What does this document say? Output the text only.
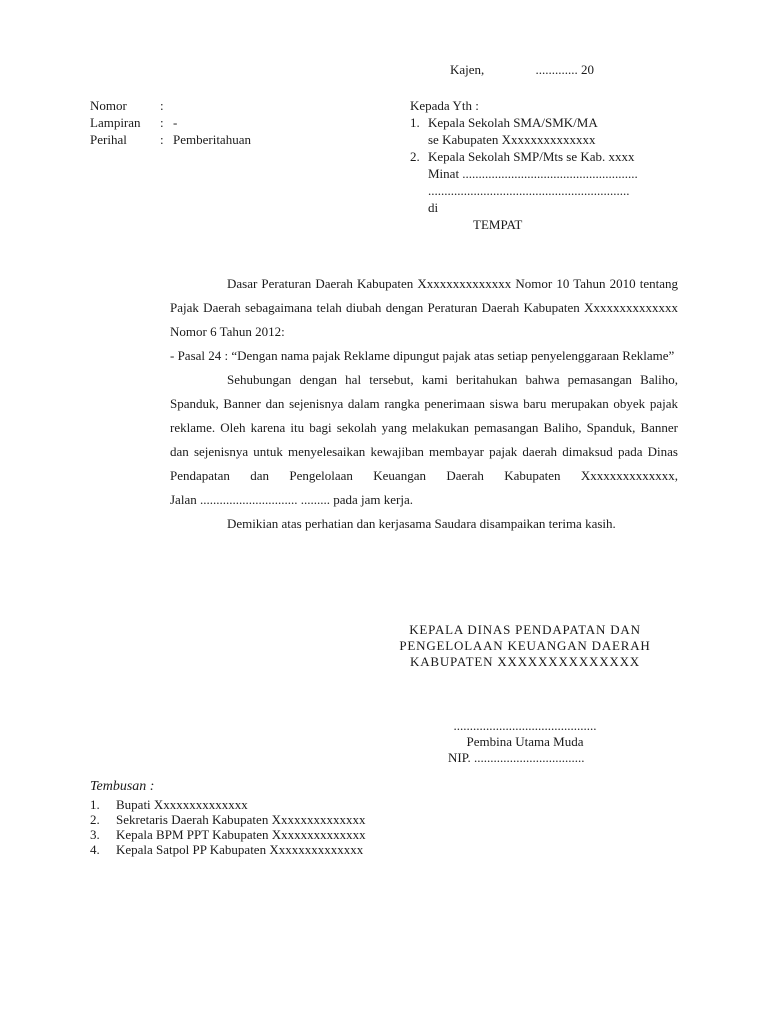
Kajen,	............. 20
Nomor	:
Lampiran : -
Perihal	: Pemberitahuan
Kepada Yth :
1. Kepala Sekolah SMA/SMK/MA
se Kabupaten Xxxxxxxxxxxxxx
2. Kepala Sekolah SMP/Mts se Kab. xxxx
Minat ......................................................
..............................................................
di
TEMPAT

Dasar Peraturan Daerah Kabupaten Xxxxxxxxxxxxxx Nomor 10 Tahun 2010 tentang Pajak Daerah sebagaimana telah diubah dengan Peraturan Daerah Kabupaten Xxxxxxxxxxxxxx Nomor 6 Tahun 2012:

- Pasal 24 : “Dengan nama pajak Reklame dipungut pajak atas setiap penyelenggaraan Reklame”

Sehubungan dengan hal tersebut, kami beritahukan bahwa pemasangan Baliho, Spanduk, Banner dan sejenisnya dalam rangka penerimaan siswa baru merupakan obyek pajak reklame. Oleh karena itu bagi sekolah yang melakukan pemasangan Baliho, Spanduk, Banner dan sejenisnya untuk menyelesaikan kewajiban membayar pajak daerah dimaksud pada Dinas Pendapatan dan Pengelolaan Keuangan Daerah Kabupaten Xxxxxxxxxxxxxx,

Jalan .............................. ......... pada jam kerja.

Demikian atas perhatian dan kerjasama Saudara disampaikan terima kasih.

KEPALA DINAS PENDAPATAN DAN
PENGELOLAAN KEUANGAN DAERAH
KABUPATEN XXXXXXXXXXXXXX
............................................
Pembina Utama Muda
NIP. ..................................
Tembusan :
1. Bupati Xxxxxxxxxxxxxx
2. Sekretaris Daerah Kabupaten Xxxxxxxxxxxxxx
3. Kepala BPM PPT Kabupaten Xxxxxxxxxxxxxx
4. Kepala Satpol PP Kabupaten Xxxxxxxxxxxxxx
